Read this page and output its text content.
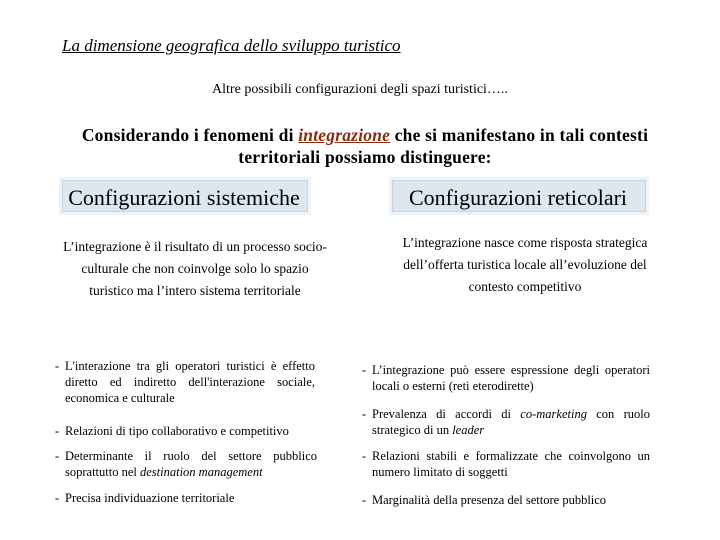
La dimensione geografica dello sviluppo turistico
Altre possibili configurazioni degli spazi turistici…..
Considerando i fenomeni di integrazione che si manifestano in tali contesti territoriali possiamo distinguere:
Configurazioni sistemiche
L’integrazione è il risultato di un processo socio-culturale che non coinvolge solo lo spazio turistico ma l’intero sistema territoriale
- L'interazione tra gli operatori turistici è effetto diretto ed indiretto dell'interazione sociale, economica e culturale
- Relazioni di tipo collaborativo e competitivo
- Determinante il ruolo del settore pubblico soprattutto nel destination management
- Precisa individuazione territoriale
Configurazioni reticolari
L’integrazione nasce come risposta strategica dell’offerta turistica locale all’evoluzione del contesto competitivo
- L’integrazione può essere espressione degli operatori locali o esterni (reti eterodirette)
- Prevalenza di accordi di co-marketing con ruolo strategico di un leader
- Relazioni stabili e formalizzate che coinvolgono un numero limitato di soggetti
- Marginalità della presenza del settore pubblico
